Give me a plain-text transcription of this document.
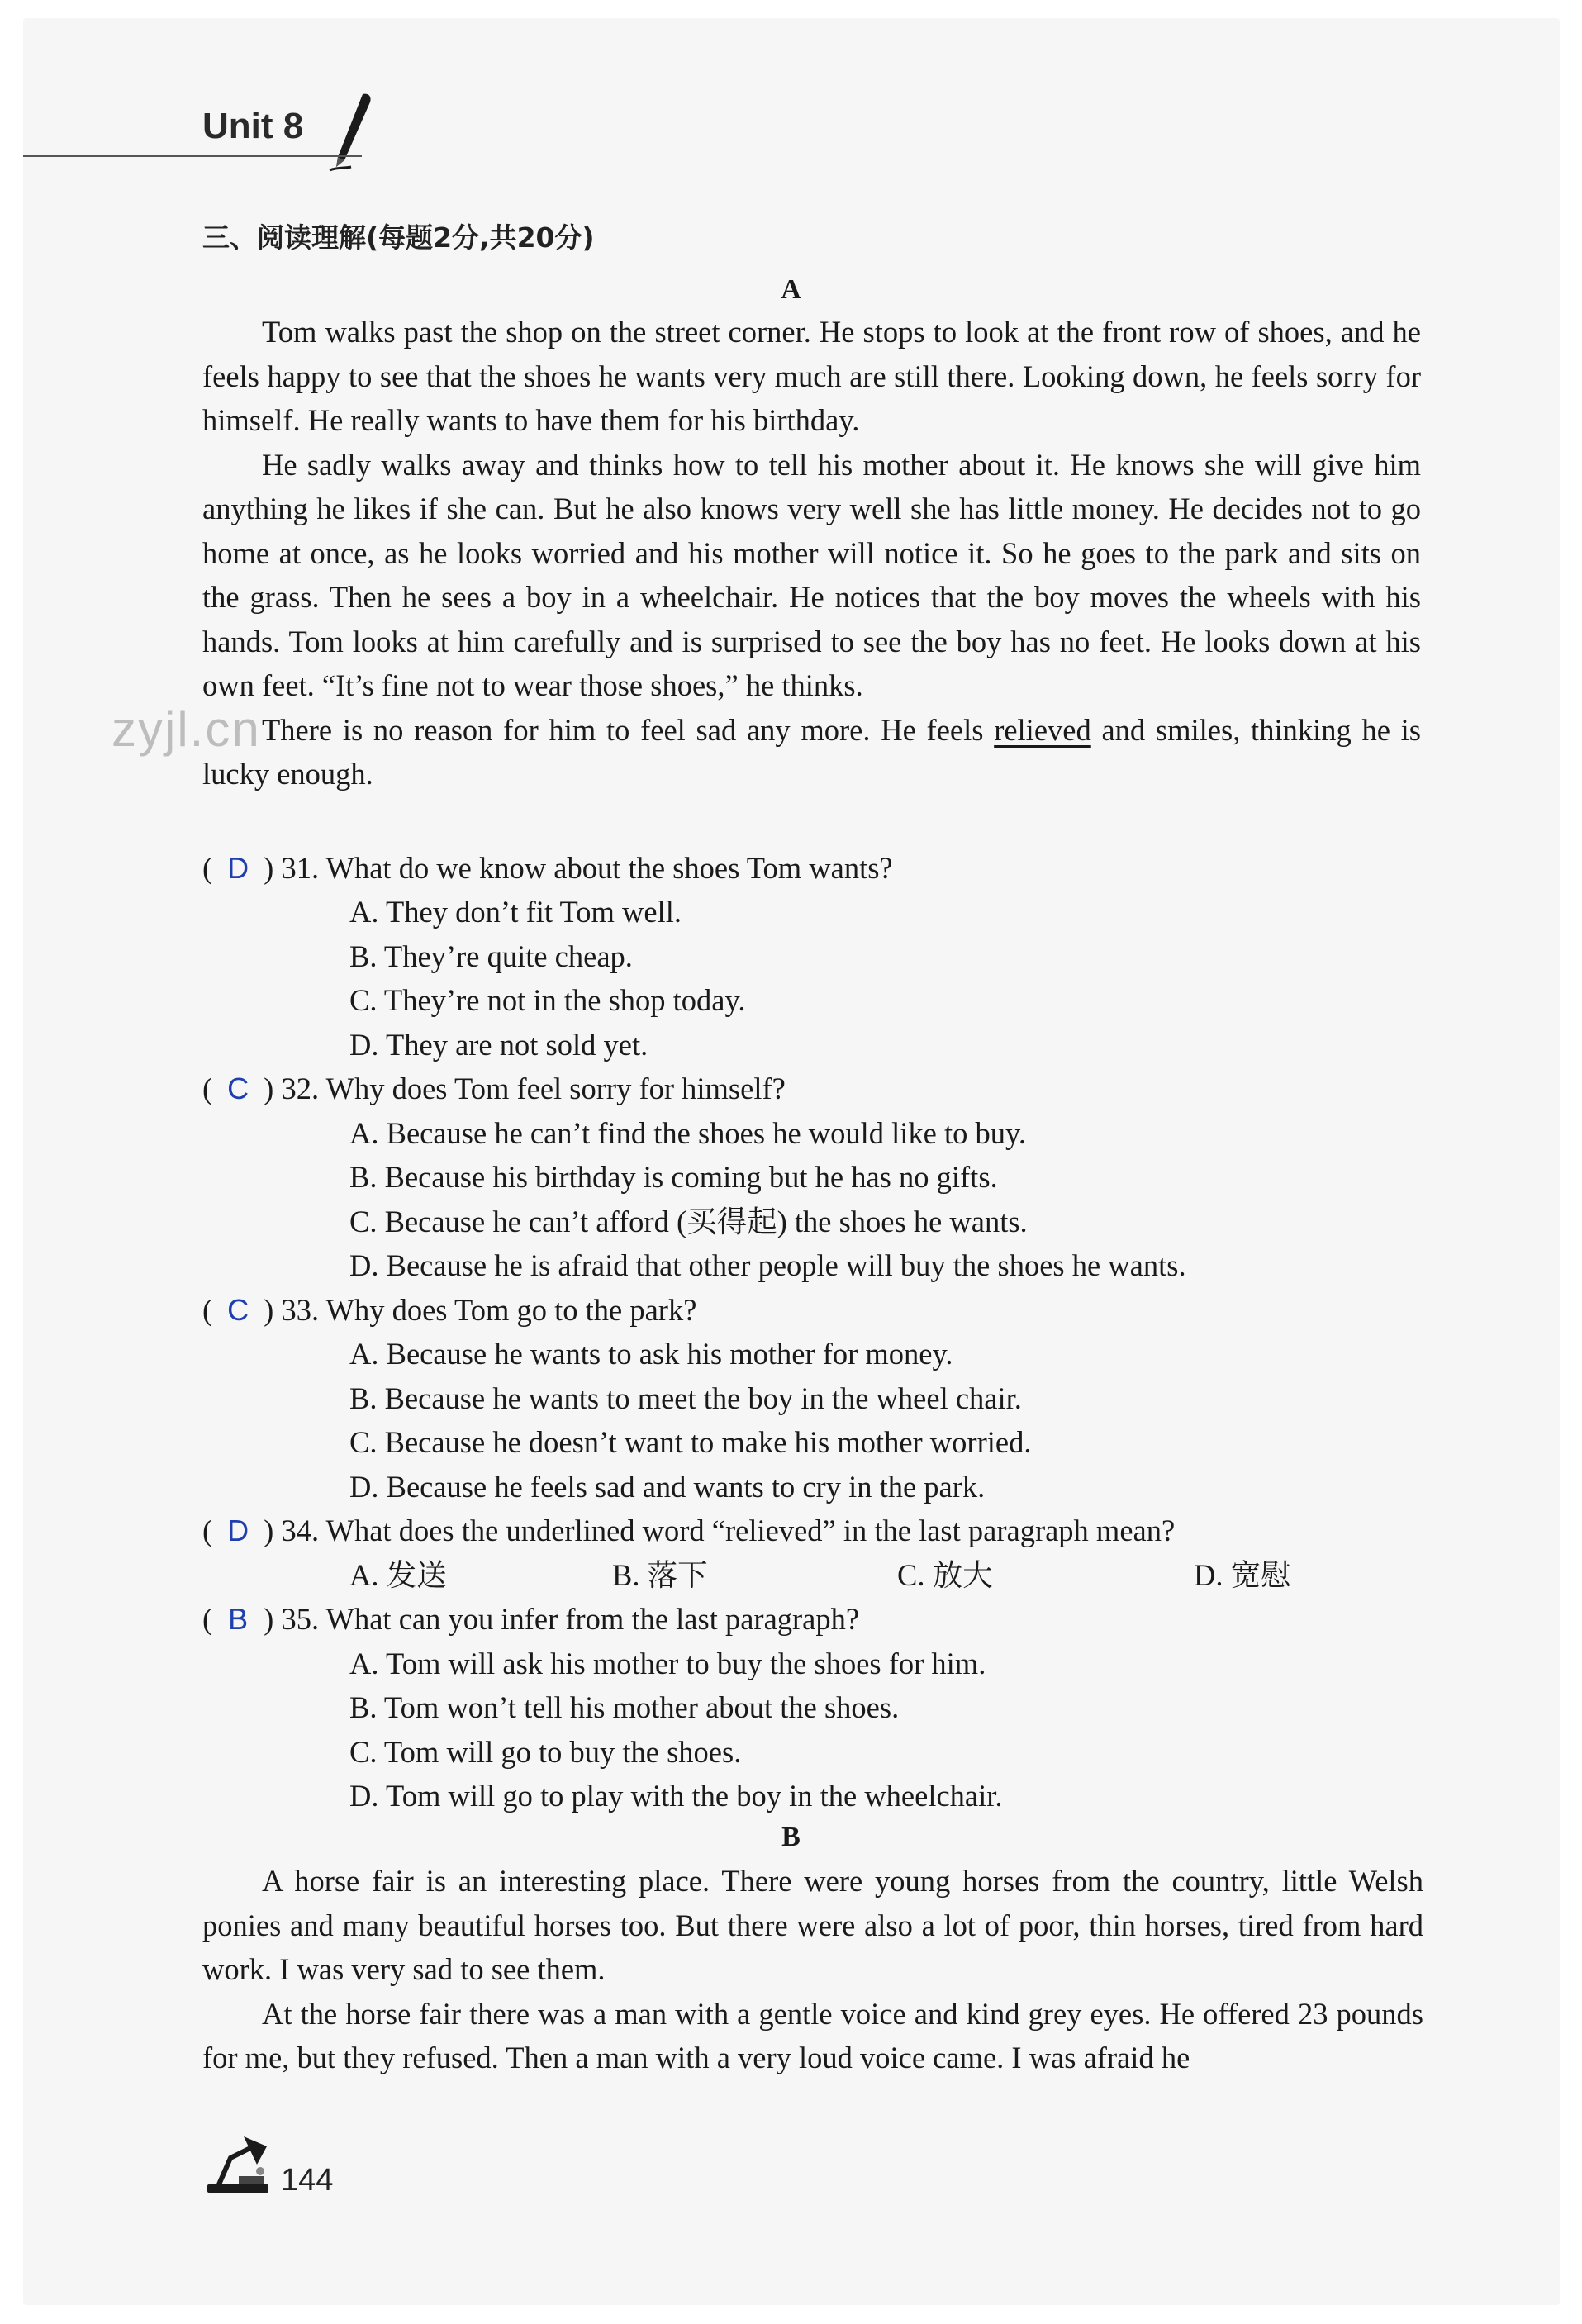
Unit 8
三、阅读理解(每题2分,共20分)
A

Tom walks past the shop on the street corner. He stops to look at the front row of shoes, and he feels happy to see that the shoes he wants very much are still there. Looking down, he feels sorry for himself. He really wants to have them for his birthday.

He sadly walks away and thinks how to tell his mother about it. He knows she will give him anything he likes if she can. But he also knows very well she has little money. He decides not to go home at once, as he looks worried and his mother will notice it. So he goes to the park and sits on the grass. Then he sees a boy in a wheelchair. He notices that the boy moves the wheels with his hands. Tom looks at him carefully and is surprised to see the boy has no feet. He looks down at his own feet. “It’s fine not to wear those shoes,” he thinks.

There is no reason for him to feel sad any more. He feels relieved and smiles, thinking he is lucky enough.

zyjl.cn
( D ) 31. What do we know about the shoes Tom wants?
A. They don’t fit Tom well.
B. They’re quite cheap.
C. They’re not in the shop today.
D. They are not sold yet.
( C ) 32. Why does Tom feel sorry for himself?
A. Because he can’t find the shoes he would like to buy.
B. Because his birthday is coming but he has no gifts.
C. Because he can’t afford (买得起) the shoes he wants.
D. Because he is afraid that other people will buy the shoes he wants.
( C ) 33. Why does Tom go to the park?
A. Because he wants to ask his mother for money.
B. Because he wants to meet the boy in the wheel chair.
C. Because he doesn’t want to make his mother worried.
D. Because he feels sad and wants to cry in the park.
( D ) 34. What does the underlined word “relieved” in the last paragraph mean?
A. 发送	B. 落下	C. 放大	D. 宽慰
( B ) 35. What can you infer from the last paragraph?
A. Tom will ask his mother to buy the shoes for him.
B. Tom won’t tell his mother about the shoes.
C. Tom will go to buy the shoes.
D. Tom will go to play with the boy in the wheelchair.
B

A horse fair is an interesting place. There were young horses from the country, little Welsh ponies and many beautiful horses too. But there were also a lot of poor, thin horses, tired from hard work. I was very sad to see them.

At the horse fair there was a man with a gentle voice and kind grey eyes. He offered 23 pounds for me, but they refused. Then a man with a very loud voice came. I was afraid he

144
